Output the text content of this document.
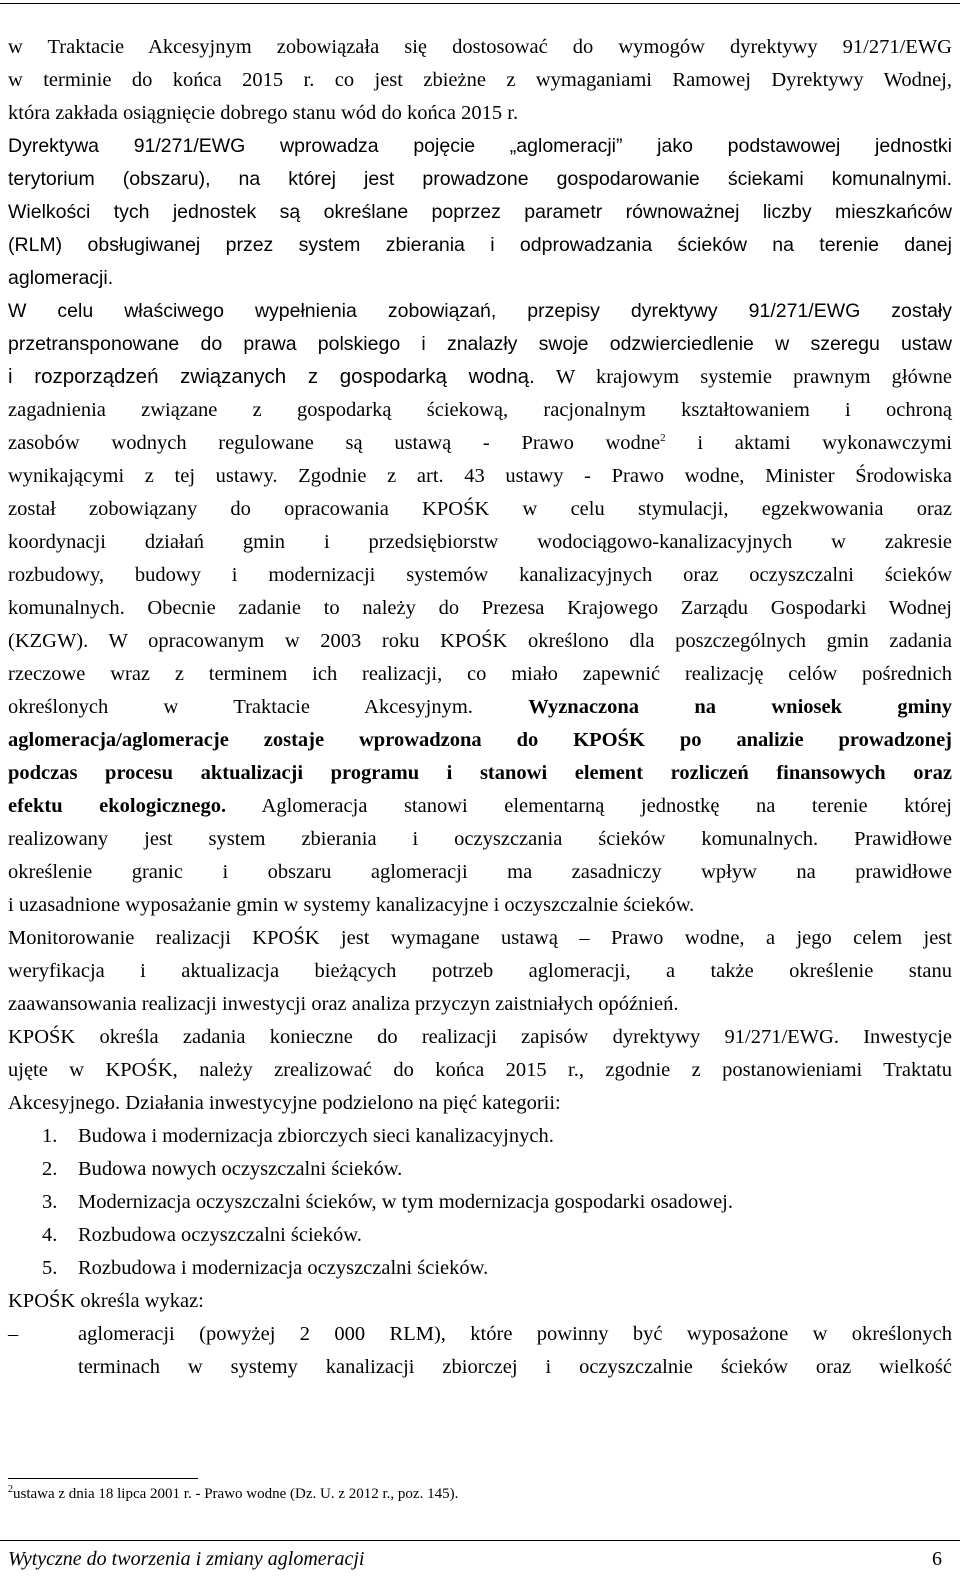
w Traktacie Akcesyjnym zobowiązała się dostosować do wymogów dyrektywy 91/271/EWG
w terminie do końca 2015 r. co jest zbieżne z wymaganiami Ramowej Dyrektywy Wodnej,
która zakłada osiągnięcie dobrego stanu wód do końca 2015 r.
Dyrektywa 91/271/EWG wprowadza pojęcie „aglomeracji” jako podstawowej jednostki
terytorium (obszaru), na której jest prowadzone gospodarowanie ściekami komunalnymi.
Wielkości tych jednostek są określane poprzez parametr równoważnej liczby mieszkańców
(RLM) obsługiwanej przez system zbierania i odprowadzania ścieków na terenie danej
aglomeracji.
W celu właściwego wypełnienia zobowiązań, przepisy dyrektywy 91/271/EWG zostały
przetransponowane do prawa polskiego i znalazły swoje odzwierciedlenie w szeregu ustaw
i rozporządzeń związanych z gospodarką wodną. W krajowym systemie prawnym główne
zagadnienia związane z gospodarką ściekową, racjonalnym kształtowaniem i ochroną
zasobów wodnych regulowane są ustawą - Prawo wodne$^2$ i aktami wykonawczymi
wynikającymi z tej ustawy. Zgodnie z art. 43 ustawy - Prawo wodne, Minister Środowiska
został zobowiązany do opracowania KPOŚK w celu stymulacji, egzekwowania oraz
koordynacji działań gmin i przedsiębiorstw wodociągowo-kanalizacyjnych w zakresie
rozbudowy, budowy i modernizacji systemów kanalizacyjnych oraz oczyszczalni ścieków
komunalnych. Obecnie zadanie to należy do Prezesa Krajowego Zarządu Gospodarki Wodnej
(KZGW). W opracowanym w 2003 roku KPOŚK określono dla poszczególnych gmin zadania
rzeczowe wraz z terminem ich realizacji, co miało zapewnić realizację celów pośrednich
określonych w Traktacie Akcesyjnym.	Wyznaczona na wniosek gminy
aglomeracja/aglomeracje zostaje wprowadzona do KPOŚK po analizie prowadzonej
podczas procesu aktualizacji programu i stanowi element rozliczeń finansowych oraz
efektu ekologicznego. Aglomeracja stanowi elementarną jednostkę na terenie której
realizowany jest system zbierania i oczyszczania ścieków komunalnych. Prawidłowe
określenie granic i obszaru aglomeracji ma zasadniczy wpływ na prawidłowe
i uzasadnione wyposażanie gmin w systemy kanalizacyjne i oczyszczalnie ścieków.
Monitorowanie realizacji KPOŚK jest wymagane ustawą – Prawo wodne, a jego celem jest
weryfikacja i aktualizacja bieżących potrzeb aglomeracji, a także określenie stanu
zaawansowania realizacji inwestycji oraz analiza przyczyn zaistniałych opóźnień.
KPOŚK określa zadania konieczne do realizacji zapisów dyrektywy 91/271/EWG. Inwestycje
ujęte w KPOŚK, należy zrealizować do końca 2015 r., zgodnie z postanowieniami Traktatu
Akcesyjnego. Działania inwestycyjne podzielono na pięć kategorii:
1. Budowa i modernizacja zbiorczych sieci kanalizacyjnych.
2. Budowa nowych oczyszczalni ścieków.
3. Modernizacja oczyszczalni ścieków, w tym modernizacja gospodarki osadowej.
4. Rozbudowa oczyszczalni ścieków.
5. Rozbudowa i modernizacja oczyszczalni ścieków.
KPOŚK określa wykaz:
–	aglomeracji (powyżej 2 000 RLM), które powinny być wyposażone w określonych
terminach w systemy kanalizacji zbiorczej i oczyszczalnie ścieków oraz wielkość
$^2$ustawa z dnia 18 lipca 2001 r. - Prawo wodne (Dz. U. z 2012 r., poz. 145).
Wytyczne do tworzenia i zmiany aglomeracji	6
